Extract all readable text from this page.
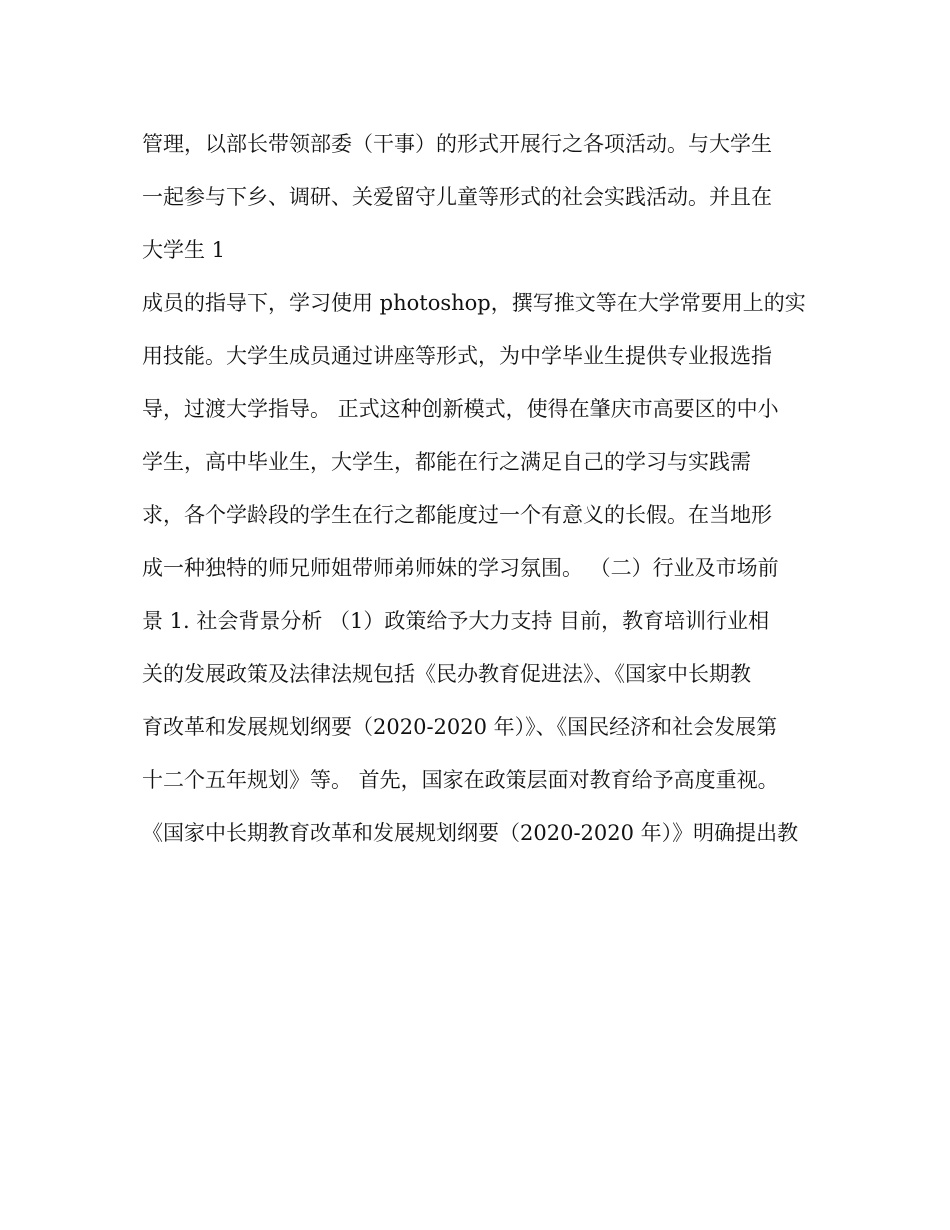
管理，以部长带领部委（干事）的形式开展行之各项活动。与大学生
一起参与下乡、调研、关爱留守儿童等形式的社会实践活动。并且在
大学生 1
成员的指导下，学习使用 photoshop，撰写推文等在大学常要用上的实
用技能。大学生成员通过讲座等形式，为中学毕业生提供专业报选指
导，过渡大学指导。 正式这种创新模式，使得在肇庆市高要区的中小
学生，高中毕业生，大学生，都能在行之满足自己的学习与实践需
求，各个学龄段的学生在行之都能度过一个有意义的长假。在当地形
成一种独特的师兄师姐带师弟师妹的学习氛围。 （二）行业及市场前
景 1. 社会背景分析 （1）政策给予大力支持 目前，教育培训行业相
关的发展政策及法律法规包括《民办教育促进法》、《国家中长期教
育改革和发展规划纲要（2020-2020 年）》、《国民经济和社会发展第
十二个五年规划》等。 首先，国家在政策层面对教育给予高度重视。
《国家中长期教育改革和发展规划纲要（2020-2020 年）》明确提出教
